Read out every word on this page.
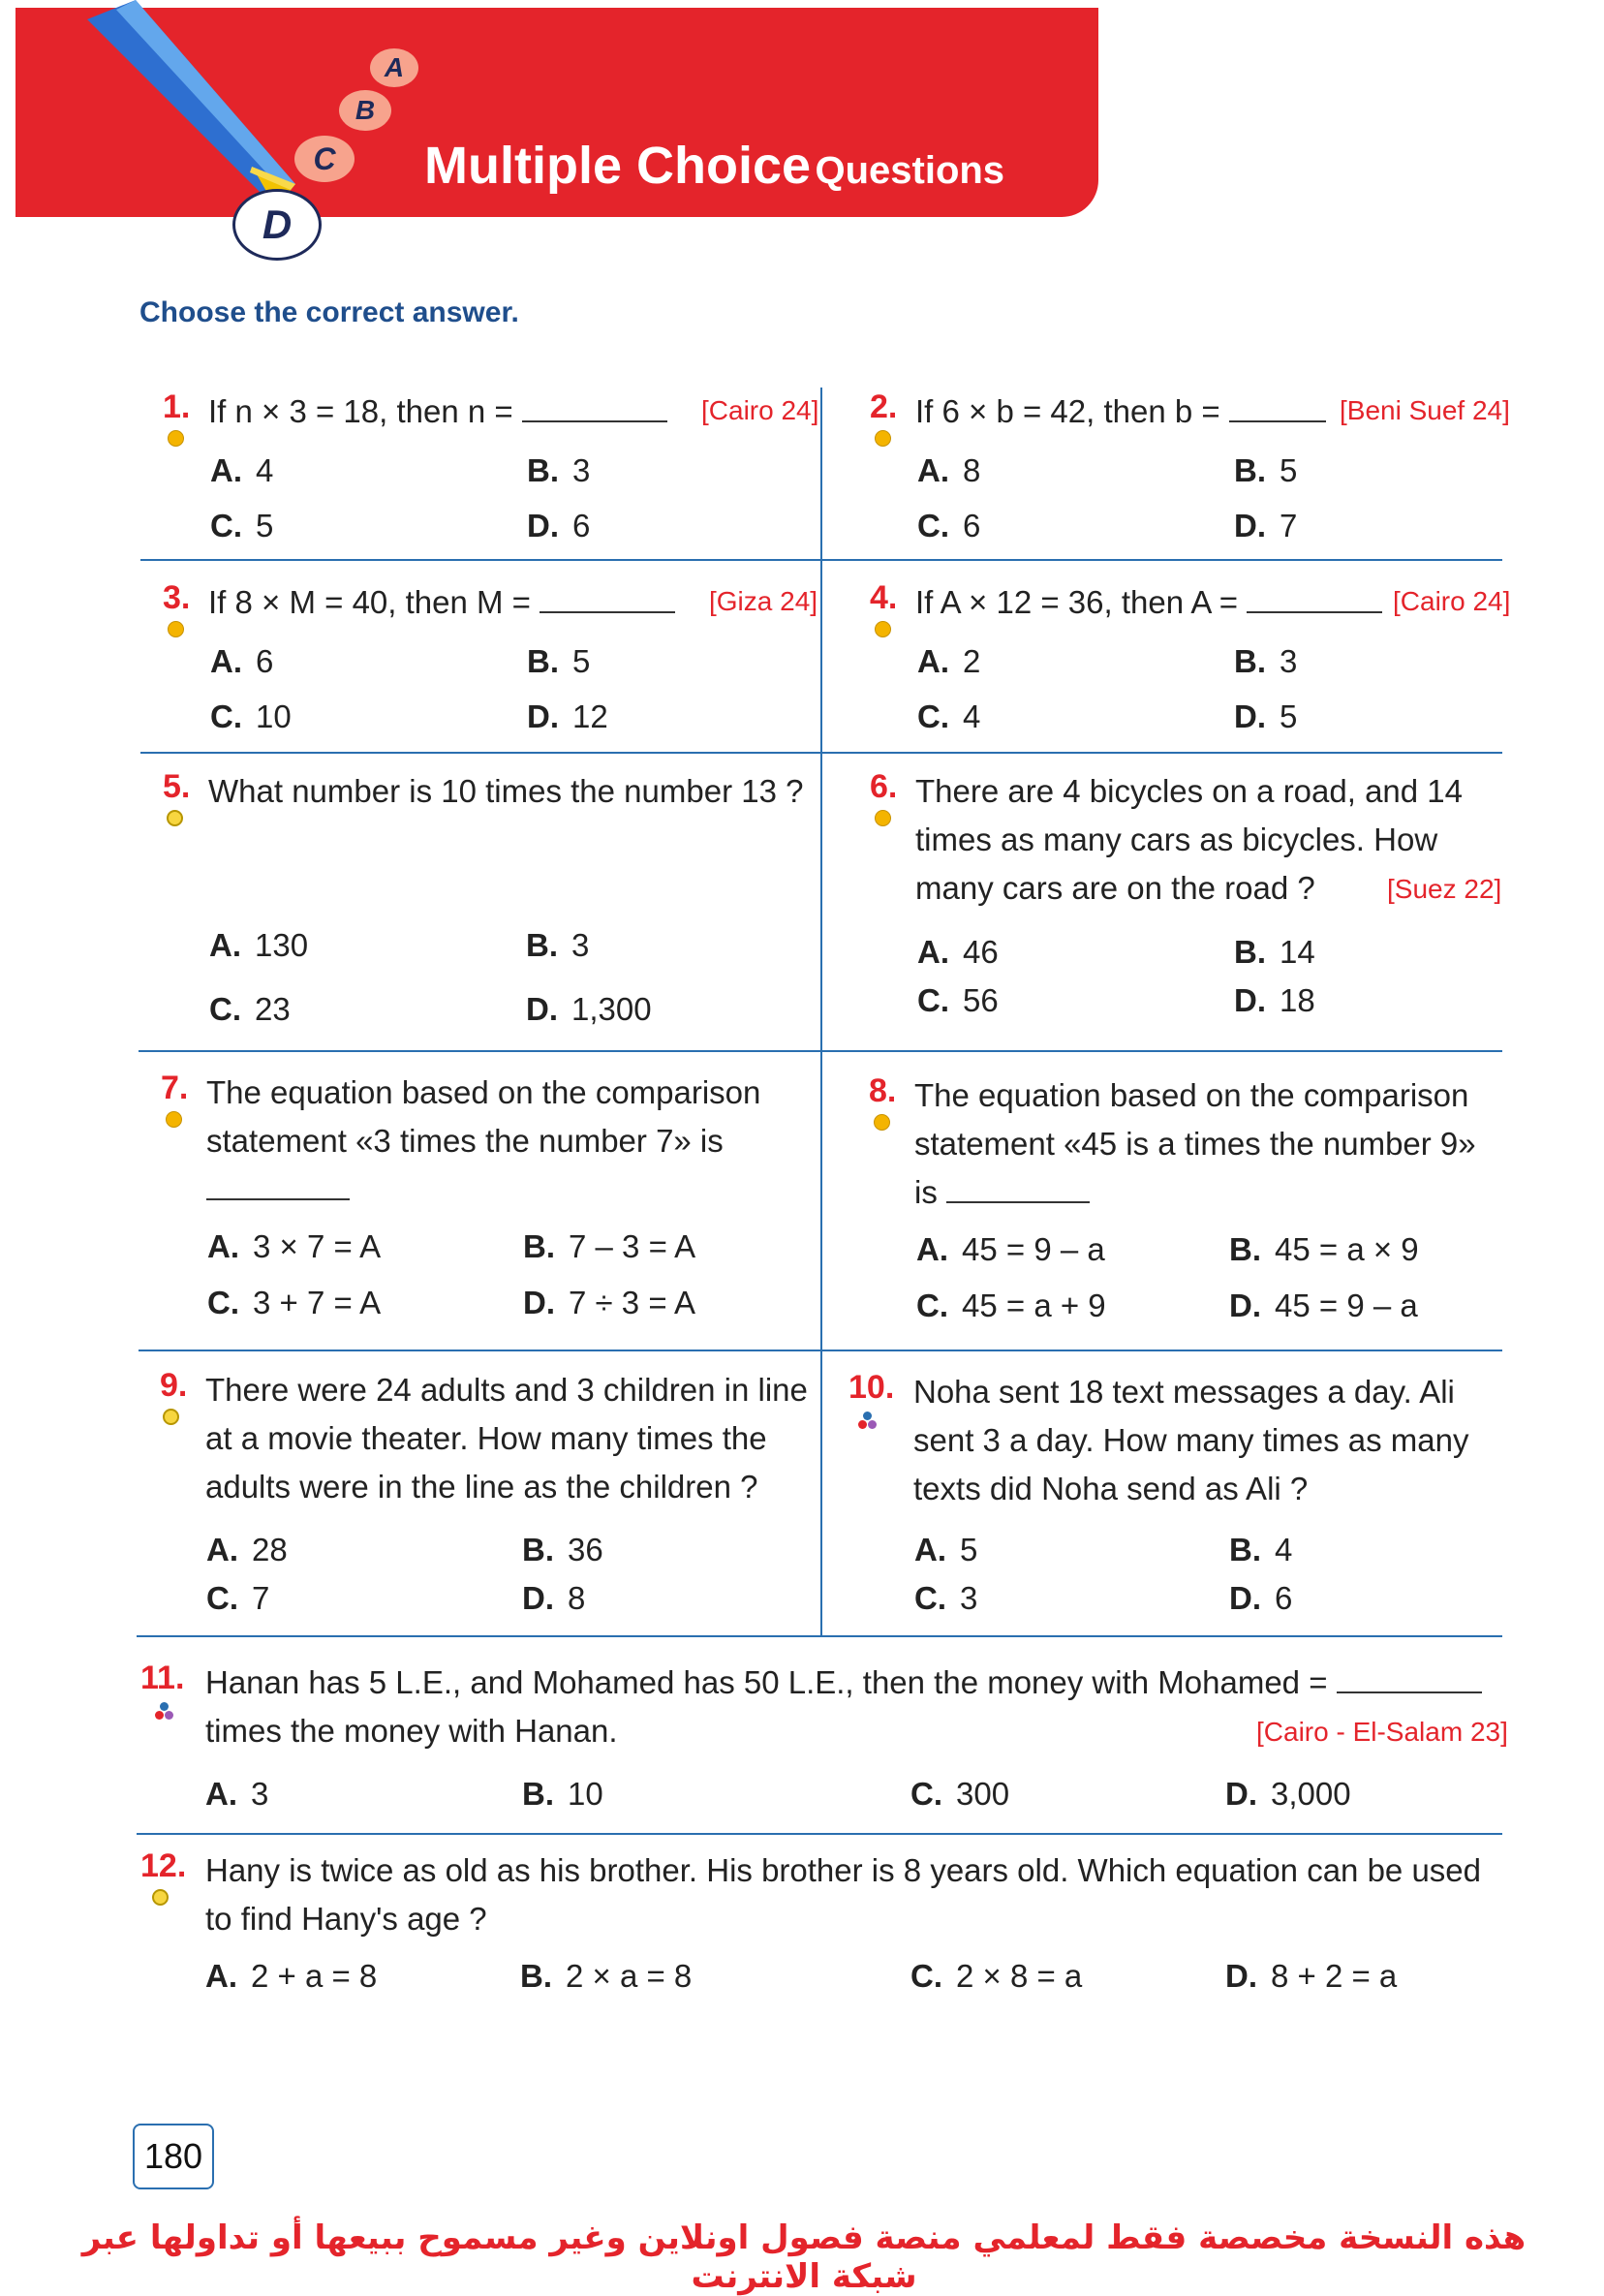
A
B
C
D
Multiple Choice Questions
Choose the correct answer.
1. If n × 3 = 18, then n =	[Cairo 24]
A. 4	B. 3
C. 5	D. 6
2. If 6 × b = 42, then b =	[Beni Suef 24]
A. 8	B. 5
C. 6	D. 7
3. If 8 × M = 40, then M =	[Giza 24]
A. 6	B. 5
C. 10	D. 12
4. If A × 12 = 36, then A =	[Cairo 24]
A. 2	B. 3
C. 4	D. 5
5. What number is 10 times the number 13 ?
A. 130	B. 3
C. 23	D. 1,300
6. There are 4 bicycles on a road, and 14 times as many cars as bicycles. How many cars are on the road ?	[Suez 22]
A. 46	B. 14
C. 56	D. 18
7. The equation based on the comparison statement «3 times the number 7» is
A. 3 × 7 = A	B. 7 – 3 = A
C. 3 + 7 = A	D. 7 ÷ 3 = A
8. The equation based on the comparison statement «45 is a times the number 9» is
A. 45 = 9 – a	B. 45 = a × 9
C. 45 = a + 9	D. 45 = 9 – a
9. There were 24 adults and 3 children in line at a movie theater. How many times the adults were in the line as the children ?
A. 28	B. 36
C. 7	D. 8
10. Noha sent 18 text messages a day. Ali sent 3 a day. How many times as many texts did Noha send as Ali ?
A. 5	B. 4
C. 3	D. 6
11. Hanan has 5 L.E., and Mohamed has 50 L.E., then the money with Mohamed =
times the money with Hanan.	[Cairo - El-Salam 23]
A. 3	B. 10	C. 300	D. 3,000
12. Hany is twice as old as his brother. His brother is 8 years old. Which equation can be used
to find Hany's age ?
A. 2 + a = 8	B. 2 × a = 8	C. 2 × 8 = a	D. 8 + 2 = a
180
هذه النسخة مخصصة فقط لمعلمي منصة فصول اونلاين وغير مسموح ببيعها أو تداولها عبر شبكة الانترنت
